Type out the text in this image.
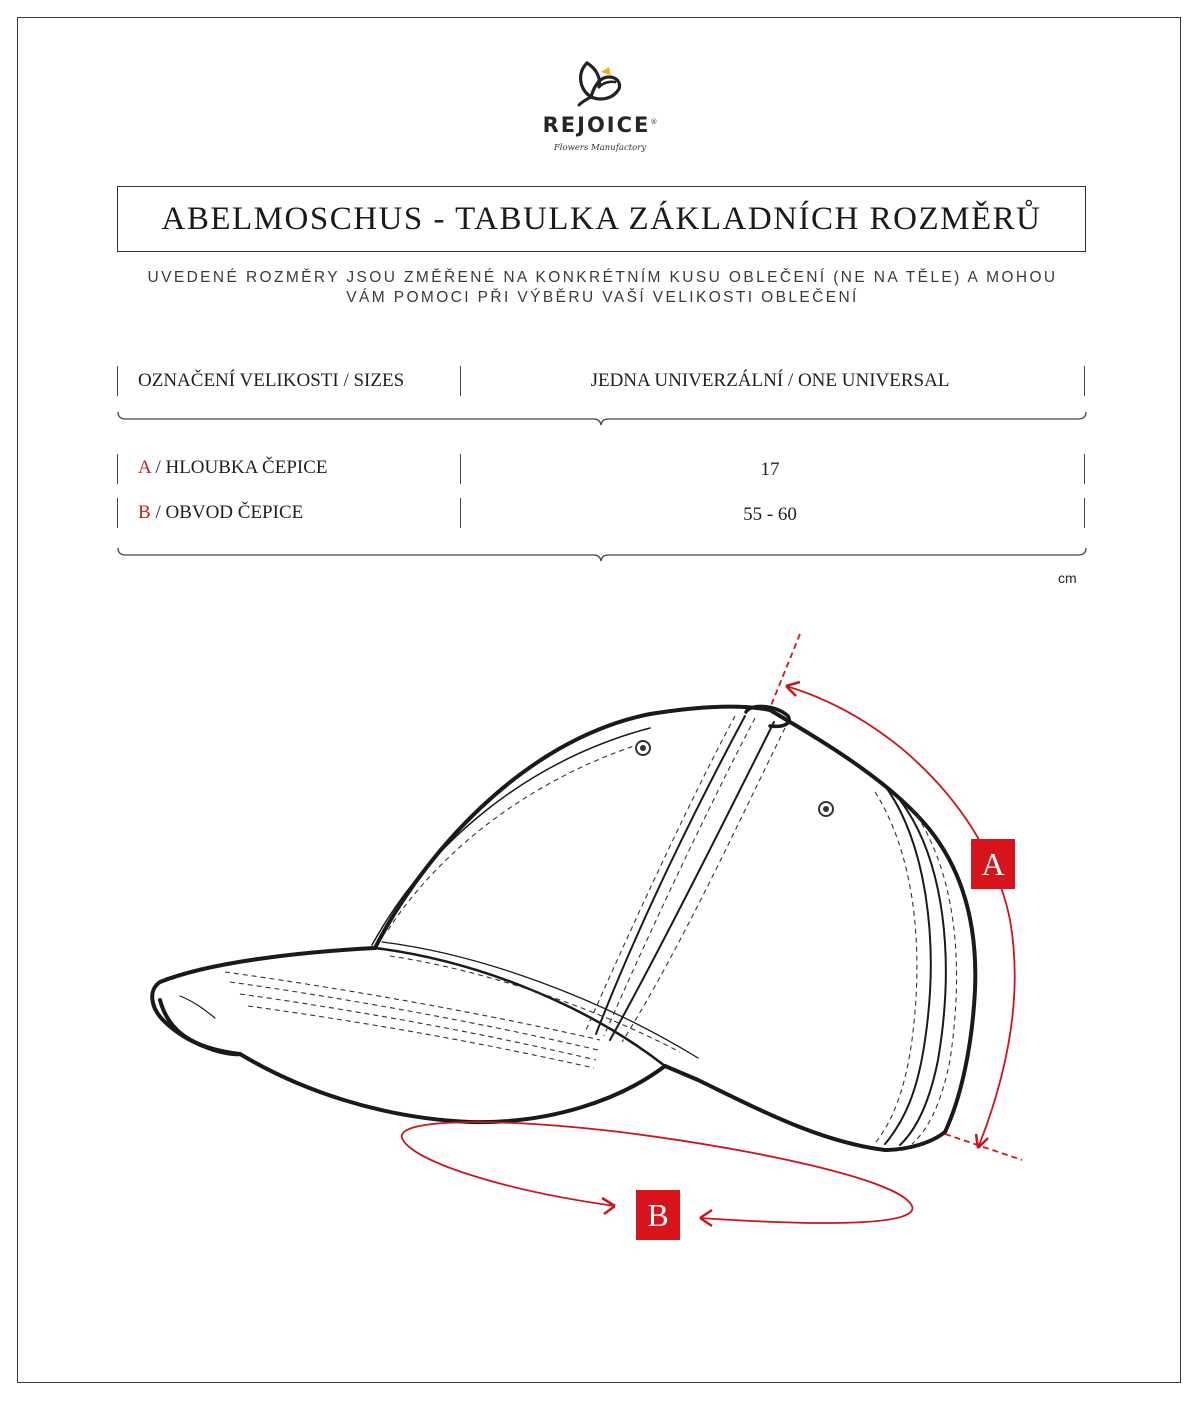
REJOICE®
Flowers Manufactory
ABELMOSCHUS - TABULKA ZÁKLADNÍCH ROZMĚRŮ
UVEDENÉ ROZMĚRY JSOU ZMĚŘENÉ NA KONKRÉTNÍM KUSU OBLEČENÍ (NE NA TĚLE) A MOHOU
VÁM POMOCI PŘI VÝBĚRU VAŠÍ VELIKOSTI OBLEČENÍ
OZNAČENÍ VELIKOSTI / SIZES	JEDNA UNIVERZÁLNÍ / ONE UNIVERSAL
A / HLOUBKA ČEPICE	17
B / OBVOD ČEPICE	55 - 60
cm
A
B
